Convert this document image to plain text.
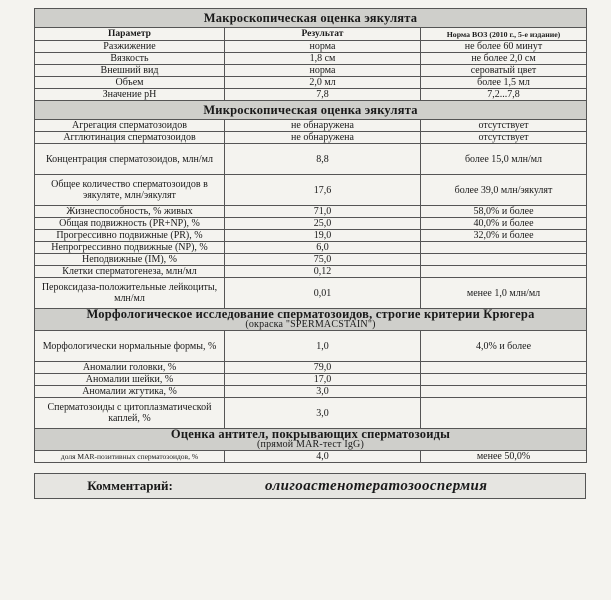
Макроскопическая оценка эякулята		
Параметр	Результат	Норма ВОЗ (2010 г., 5-е издание)
Разжижение	норма	не более 60 минут
Вязкость	1,8 см	не более 2,0 см
Внешний вид	норма	сероватый цвет
Объем	2,0 мл	более 1,5 мл
Значение pH	7,8	7,2...7,8
Микроскопическая оценка эякулята		
Агрегация сперматозоидов	не обнаружена	отсутствует
Агглютинация сперматозоидов	не обнаружена	отсутствует
Концентрация сперматозоидов, млн/мл	8,8	более 15,0 млн/мл
Общее количество сперматозоидов в эякуляте, млн/эякулят	17,6	более 39,0 млн/эякулят
Жизнеспособность, % живых	71,0	58,0% и более
Общая подвижность (PR+NP), %	25,0	40,0% и более
Прогрессивно подвижные (PR), %	19,0	32,0% и более
Непрогрессивно подвижные (NP), %	6,0	
Неподвижные (IM), %	75,0	
Клетки сперматогенеза, млн/мл	0,12	
Пероксидаза-положительные лейкоциты, млн/мл	0,01	менее 1,0 млн/мл
Морфологическое исследование сперматозоидов, строгие критерии Крюгера
(окраска "SPERMACSTAIN")		

Морфологически нормальные формы, %	1,0	4,0% и более
Аномалии головки, %	79,0	
Аномалии шейки, %	17,0	
Аномалии жгутика, %	3,0	
Сперматозоиды с цитоплазматической каплей, %	3,0	
Оценка антител, покрывающих сперматозоиды
(прямой MAR-тест IgG)		

доля MAR-позитивных сперматозоидов, %	4,0	менее 50,0%
Комментарий:	олигоастенотератозооспермия
